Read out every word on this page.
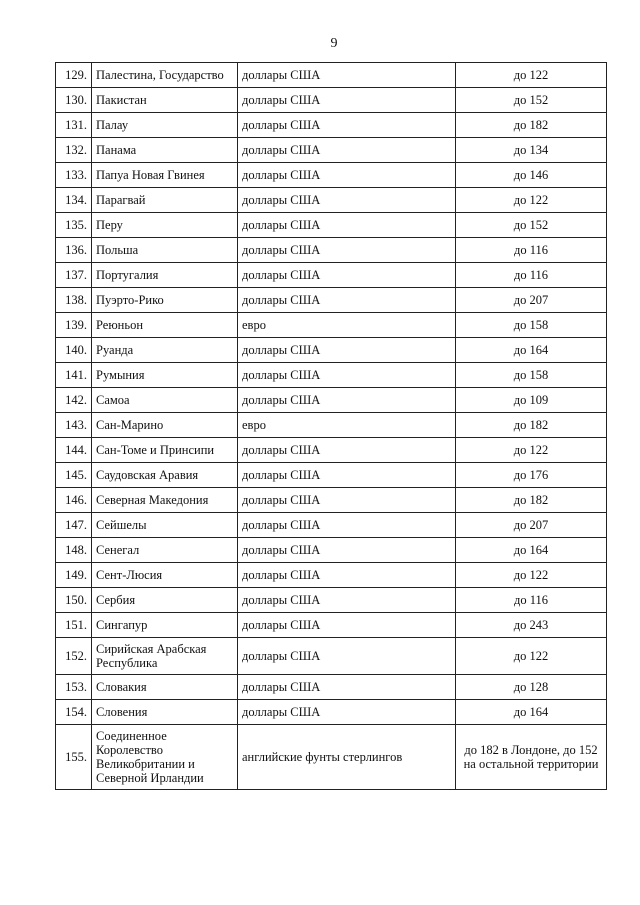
9
129.	Палестина, Государство	доллары США	до 122
130.	Пакистан	доллары США	до 152
131.	Палау	доллары США	до 182
132.	Панама	доллары США	до 134
133.	Папуа Новая Гвинея	доллары США	до 146
134.	Парагвай	доллары США	до 122
135.	Перу	доллары США	до 152
136.	Польша	доллары США	до 116
137.	Португалия	доллары США	до 116
138.	Пуэрто-Рико	доллары США	до 207
139.	Реюньон	евро	до 158
140.	Руанда	доллары США	до 164
141.	Румыния	доллары США	до 158
142.	Самоа	доллары США	до 109
143.	Сан-Марино	евро	до 182
144.	Сан-Томе и Принсипи	доллары США	до 122
145.	Саудовская Аравия	доллары США	до 176
146.	Северная Македония	доллары США	до 182
147.	Сейшелы	доллары США	до 207
148.	Сенегал	доллары США	до 164
149.	Сент-Люсия	доллары США	до 122
150.	Сербия	доллары США	до 116
151.	Сингапур	доллары США	до 243
152.	Сирийская Арабская Республика	доллары США	до 122
153.	Словакия	доллары США	до 128
154.	Словения	доллары США	до 164
155.	Соединенное Королевство Великобритании и Северной Ирландии	английские фунты стерлингов	до 182 в Лондоне, до 152 на остальной территории
